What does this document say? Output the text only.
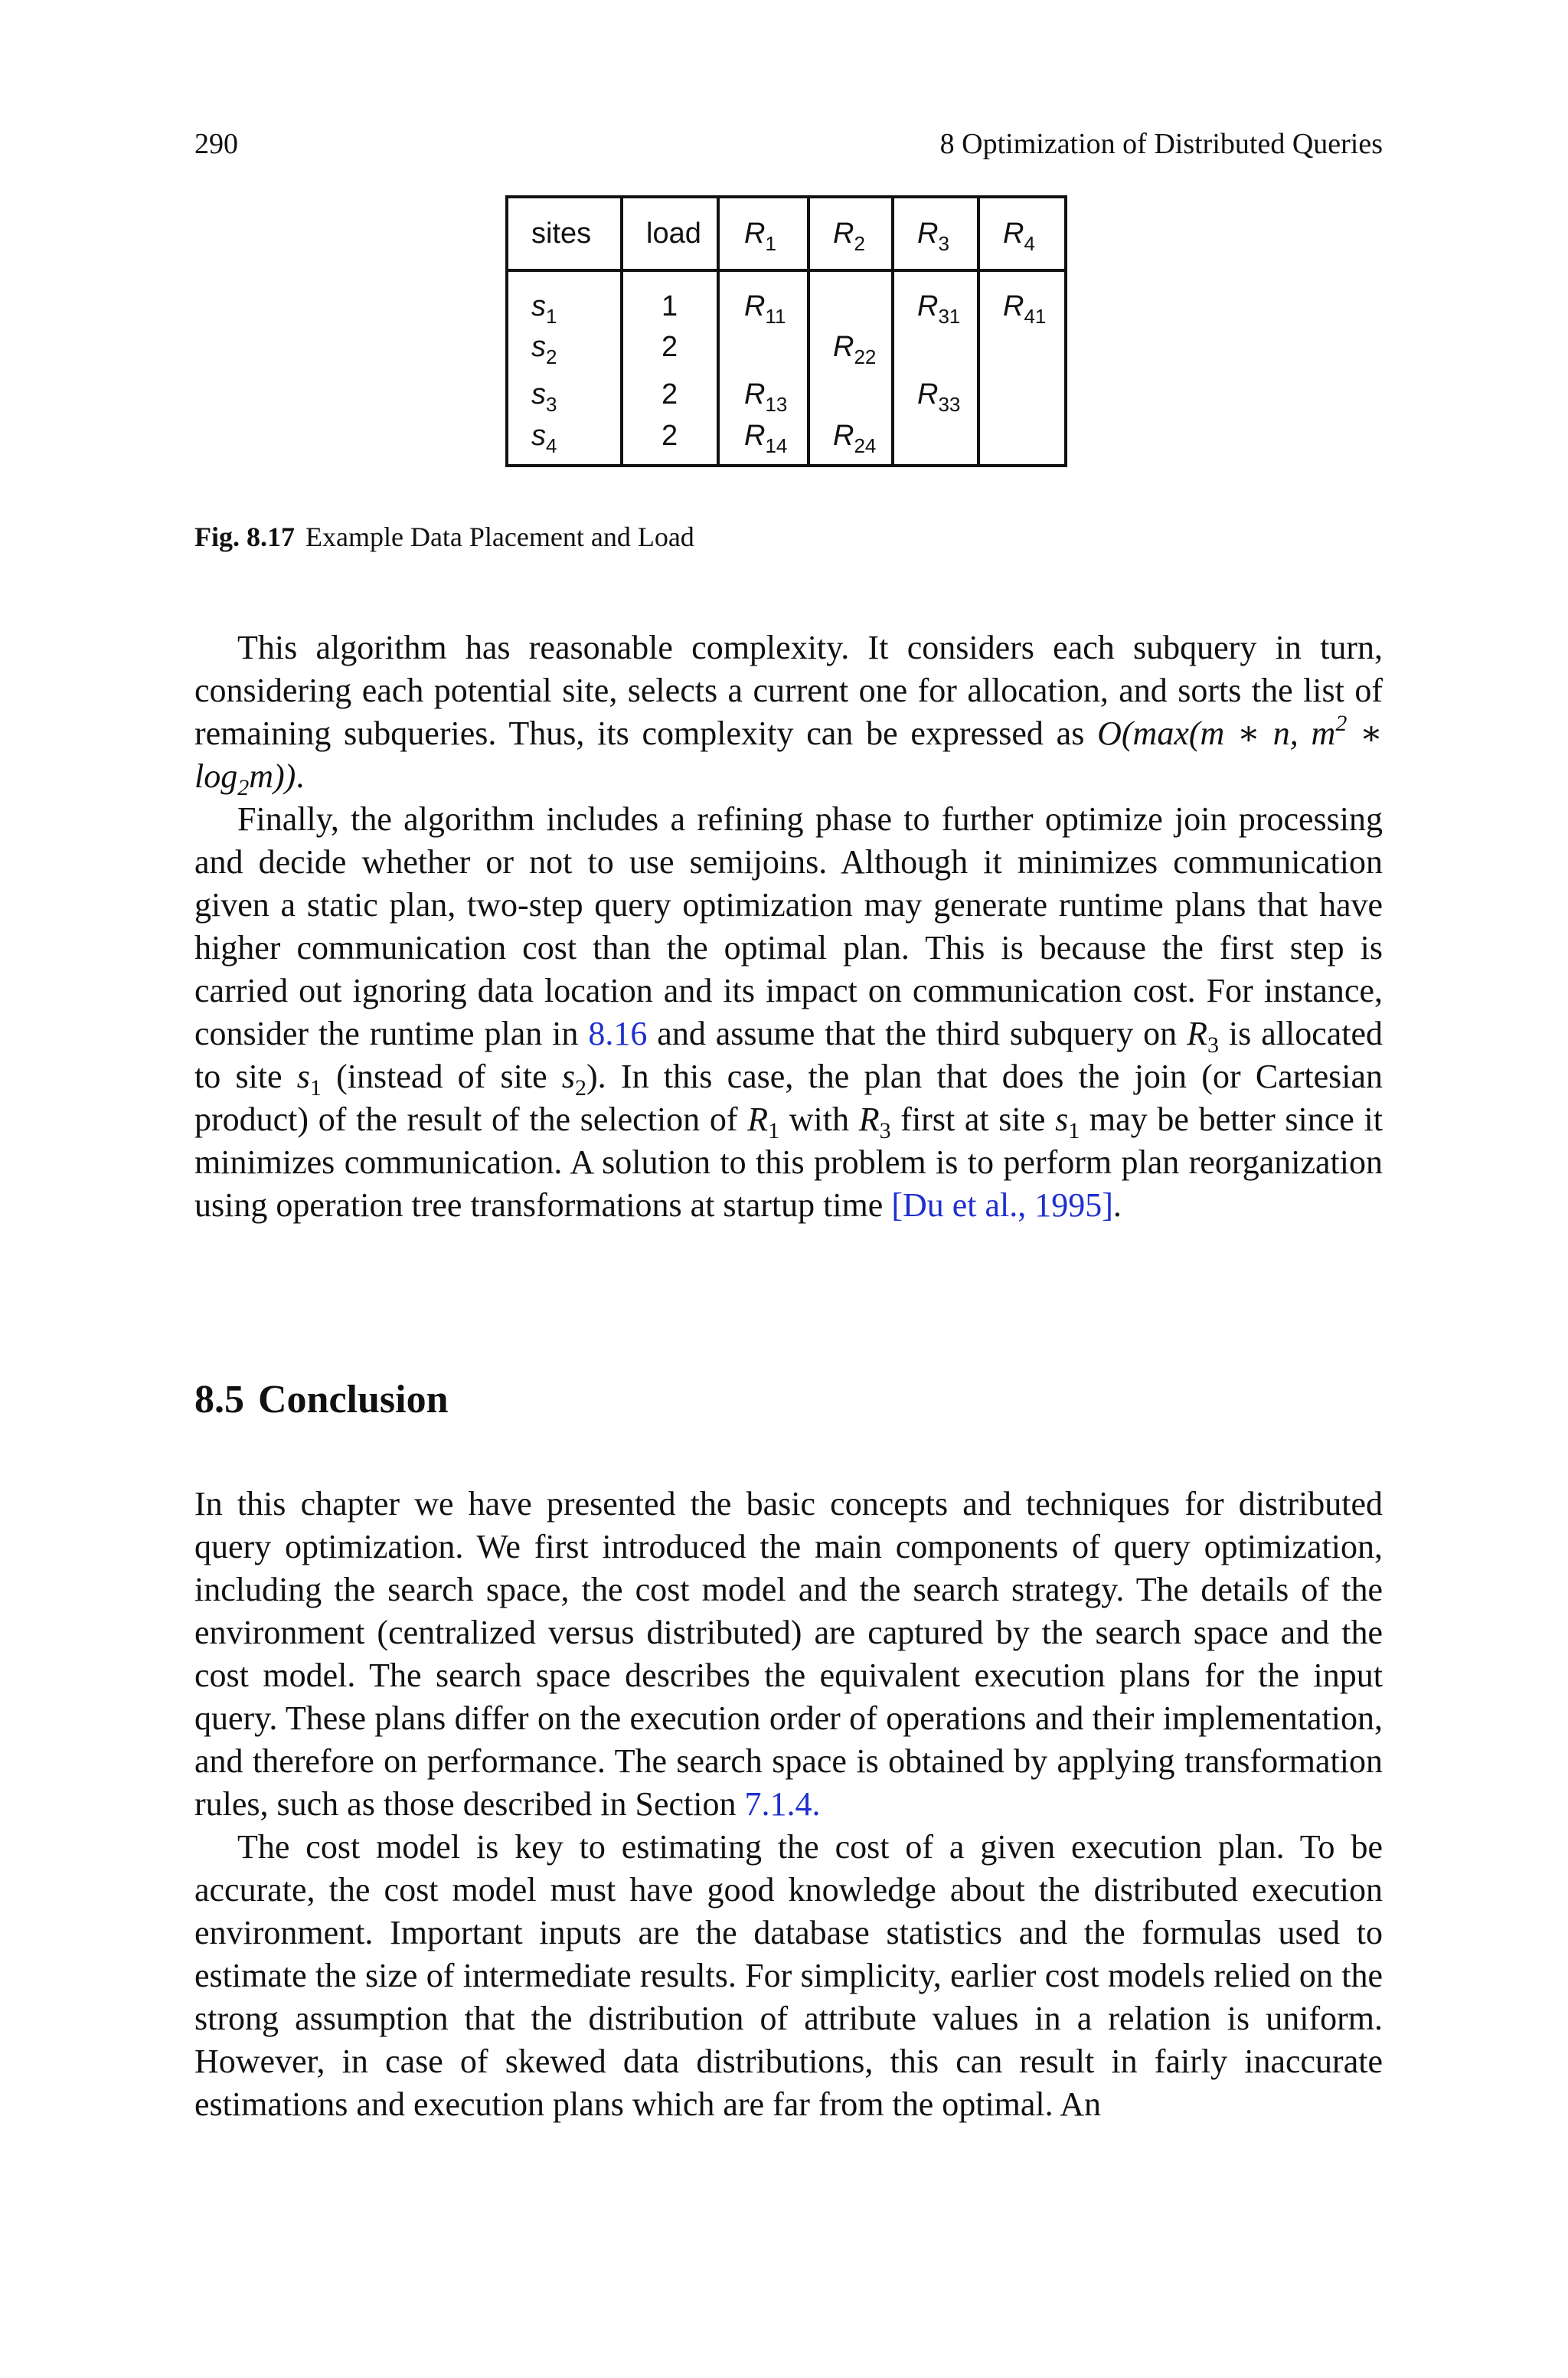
290	8 Optimization of Distributed Queries
sites	load	$R_1$	$R_2$	$R_3$	$R_4$
$s_1$	1	$R_{11}$		$R_{31}$	$R_{41}$
$s_2$	2		$R_{22}$		
$s_3$	2	$R_{13}$		$R_{33}$	
$s_4$	2	$R_{14}$	$R_{24}$		
Fig. 8.17 Example Data Placement and Load

This algorithm has reasonable complexity. It considers each subquery in turn, considering each potential site, selects a current one for allocation, and sorts the list of remaining subqueries. Thus, its complexity can be expressed as O(max(m ∗ n, $m^2$ ∗ $\log_2m$)).

Finally, the algorithm includes a refining phase to further optimize join processing and decide whether or not to use semijoins. Although it minimizes communication given a static plan, two-step query optimization may generate runtime plans that have higher communication cost than the optimal plan. This is because the first step is carried out ignoring data location and its impact on communication cost. For instance, consider the runtime plan in 8.16 and assume that the third subquery on $R_3$ is allocated to site $s_1$ (instead of site $s_2$). In this case, the plan that does the join (or Cartesian product) of the result of the selection of $R_1$ with $R_3$ first at site $s_1$ may be better since it minimizes communication. A solution to this problem is to perform plan reorganization using operation tree transformations at startup time [Du et al., 1995].

8.5 Conclusion

In this chapter we have presented the basic concepts and techniques for distributed query optimization. We first introduced the main components of query optimization, including the search space, the cost model and the search strategy. The details of the environment (centralized versus distributed) are captured by the search space and the cost model. The search space describes the equivalent execution plans for the input query. These plans differ on the execution order of operations and their implementation, and therefore on performance. The search space is obtained by applying transformation rules, such as those described in Section 7.1.4.

The cost model is key to estimating the cost of a given execution plan. To be accurate, the cost model must have good knowledge about the distributed execution environment. Important inputs are the database statistics and the formulas used to estimate the size of intermediate results. For simplicity, earlier cost models relied on the strong assumption that the distribution of attribute values in a relation is uniform. However, in case of skewed data distributions, this can result in fairly inaccurate estimations and execution plans which are far from the optimal. An
